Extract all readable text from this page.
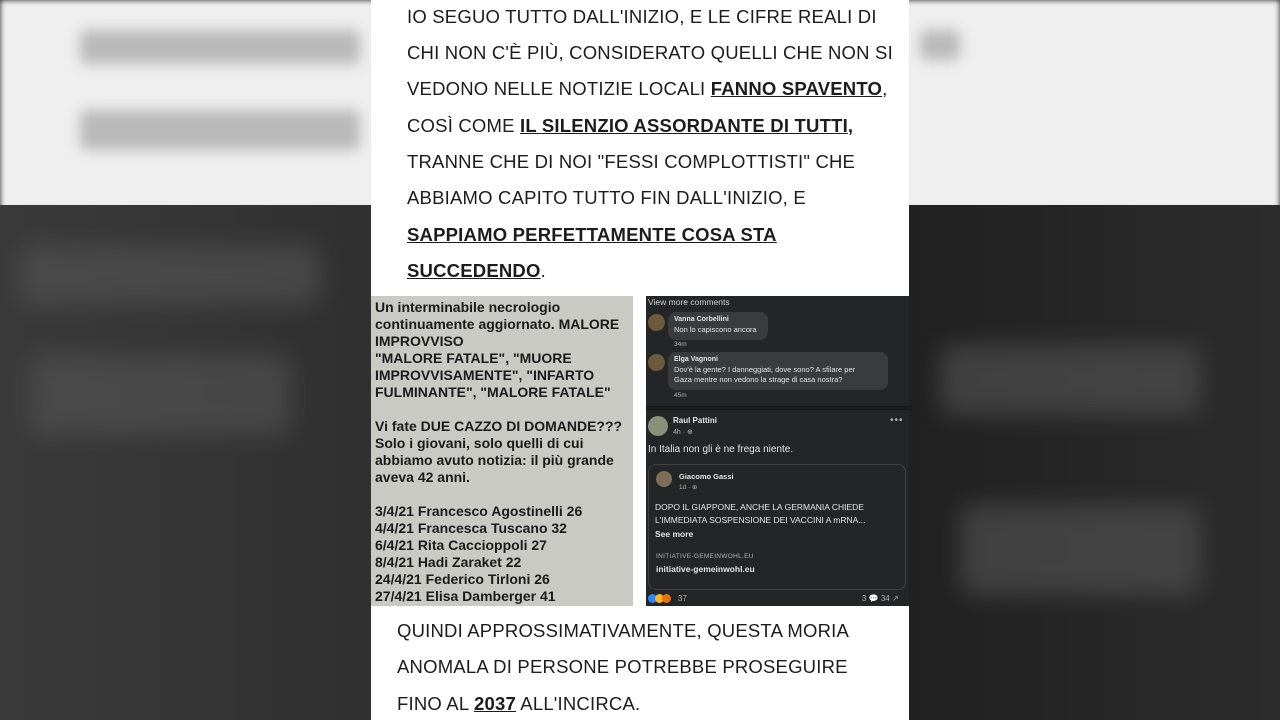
IO SEGUO TUTTO DALL'INIZIO, E LE CIFRE REALI DI
CHI NON C'È PIÙ, CONSIDERATO QUELLI CHE NON SI
VEDONO NELLE NOTIZIE LOCALI FANNO SPAVENTO,
COSÌ COME IL SILENZIO ASSORDANTE DI TUTTI,
TRANNE CHE DI NOI "FESSI COMPLOTTISTI" CHE
ABBIAMO CAPITO TUTTO FIN DALL'INIZIO, E
SAPPIAMO PERFETTAMENTE COSA STA
SUCCEDENDO.
Un interminabile necrologio
continuamente aggiornato. MALORE
IMPROVVISO
"MALORE FATALE", "MUORE
IMPROVVISAMENTE", "INFARTO
FULMINANTE", "MALORE FATALE"
Vi fate DUE CAZZO DI DOMANDE???
Solo i giovani, solo quelli di cui
abbiamo avuto notizia: il più grande
aveva 42 anni.
3/4/21 Francesco Agostinelli 26
4/4/21 Francesca Tuscano 32
6/4/21 Rita Caccioppoli 27
8/4/21 Hadi Zaraket 22
24/4/21 Federico Tirloni 26
27/4/21 Elisa Damberger 41
View more comments
Vanna Corbellini
Non lo capiscono ancora
34m
Elga Vagnoni
Dov'è la gente? I danneggiati, dove sono? A sfilare per
Gaza mentre non vedono la strage di casa nostra?
45m
Raul Pattini
4h · ⊕
•••
In Italia non gli è ne frega niente.
Giacomo Gassi
1d · ⊕
DOPO IL GIAPPONE, ANCHE LA GERMANIA CHIEDE
L'IMMEDIATA SOSPENSIONE DEI VACCINI A mRNA...
See more
INITIATIVE-GEMEINWOHL.EU
initiative-gemeinwohl.eu
37	3 💬 34 ↗
QUINDI APPROSSIMATIVAMENTE, QUESTA MORIA
ANOMALA DI PERSONE POTREBBE PROSEGUIRE
FINO AL 2037 ALL'INCIRCA.
